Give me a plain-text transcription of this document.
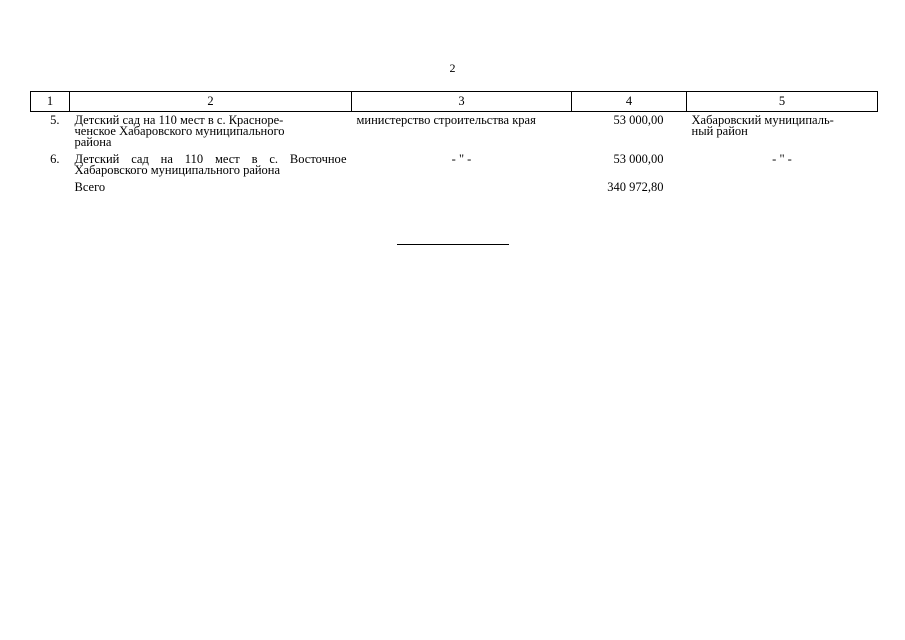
2
1	2	3	4	5
5.	Детский сад на 110 мест в с. Красноре-
ченское Хабаровского муниципального
района	министерство строительства края	53 000,00	Хабаровский муниципаль-
ный район
6.	Детский сад на 110 мест в с. Восточное Хабаровского муниципального района	- " -	53 000,00	- " -
	Всего		340 972,80	
